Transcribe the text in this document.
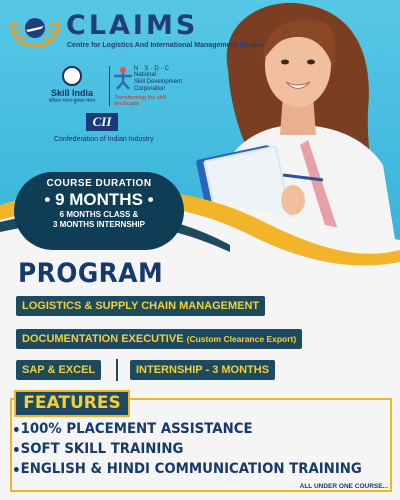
CLAIMS
Centre for Logistics And International Management Studies
Skill India
कौशल भारत-कुशल भारत
N·S·D·C
National
Skill Development
Corporation
Transforming the skill landscape
CII
Confederation of Indian Industry
COURSE DURATION
• 9 MONTHS •
6 MONTHS CLASS &
3 MONTHS INTERNSHIP
PROGRAM
LOGISTICS & SUPPLY CHAIN MANAGEMENT
DOCUMENTATION EXECUTIVE (Custom Clearance Export)
SAP & EXCEL	INTERNSHIP - 3 MONTHS
FEATURES
100% PLACEMENT ASSISTANCE
SOFT SKILL TRAINING
ENGLISH & HINDI COMMUNICATION TRAINING
ALL UNDER ONE COURSE...
